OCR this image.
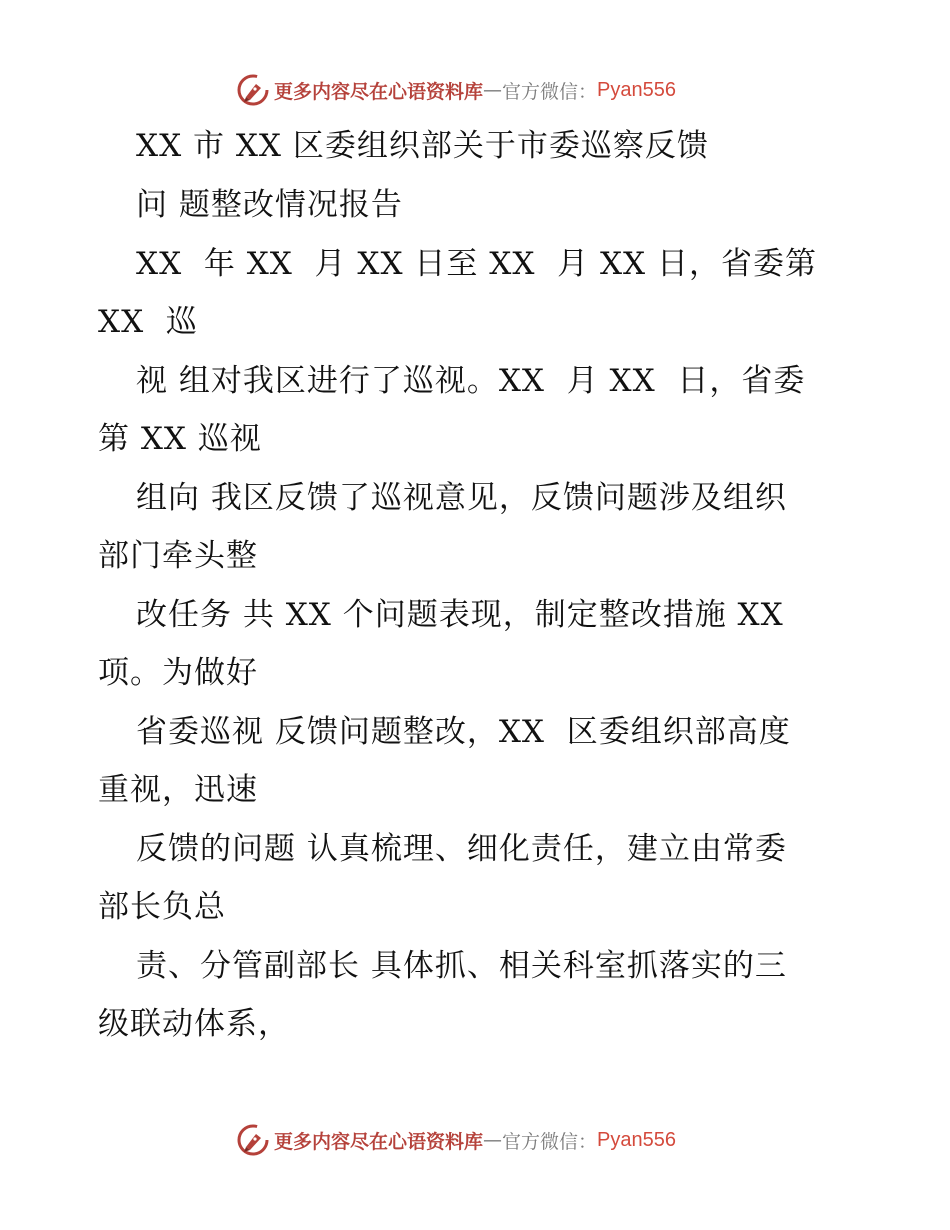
更多内容尽在心语资料库 — 官方微信： Pyan556
XX 市 XX 区委组织部关于市委巡察反馈
问 题整改情况报告
XX  年 XX  月 XX 日至 XX  月 XX 日，省委第
XX  巡
视 组对我区进行了巡视。XX  月 XX  日，省委
第 XX 巡视
组向 我区反馈了巡视意见，反馈问题涉及组织
部门牵头整
改任务 共 XX 个问题表现，制定整改措施 XX
项。为做好
省委巡视 反馈问题整改，XX  区委组织部高度
重视，迅速
反馈的问题 认真梳理、细化责任，建立由常委
部长负总
责、分管副部长 具体抓、相关科室抓落实的三
级联动体系，
更多内容尽在心语资料库 — 官方微信： Pyan556
